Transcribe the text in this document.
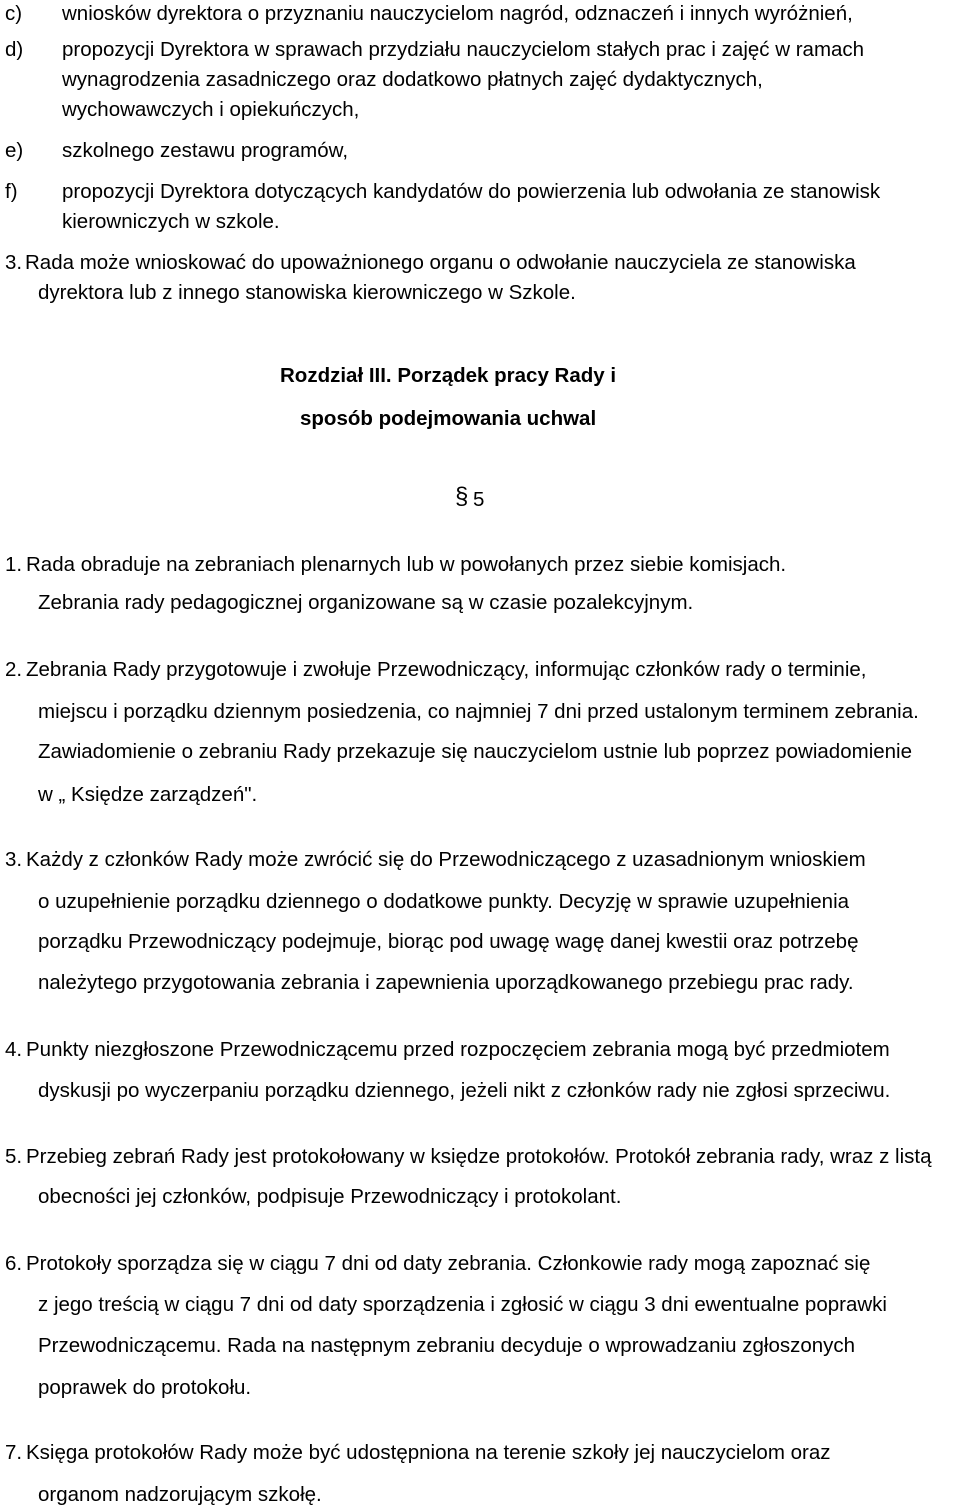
c) wniosków dyrektora o przyznaniu nauczycielom nagród, odznaczeń i innych wyróżnień,
d) propozycji Dyrektora w sprawach przydziału nauczycielom stałych prac i zajęć w ramach
wynagrodzenia zasadniczego oraz dodatkowo płatnych zajęć dydaktycznych,
wychowawczych i opiekuńczych,
e) szkolnego zestawu programów,
f) propozycji Dyrektora dotyczących kandydatów do powierzenia lub odwołania ze stanowisk
kierowniczych w szkole.
3. Rada może wnioskować do upoważnionego organu o odwołanie nauczyciela ze stanowiska
dyrektora lub z innego stanowiska kierowniczego w Szkole.
Rozdział III. Porządek pracy Rady i
sposób podejmowania uchwal
§ 5
1. Rada obraduje na zebraniach plenarnych lub w powołanych przez siebie komisjach.
Zebrania rady pedagogicznej organizowane są w czasie pozalekcyjnym.
2. Zebrania Rady przygotowuje i zwołuje Przewodniczący, informując członków rady o terminie,
miejscu i porządku dziennym posiedzenia, co najmniej 7 dni przed ustalonym terminem zebrania.
Zawiadomienie o zebraniu Rady przekazuje się nauczycielom ustnie lub poprzez powiadomienie
w „ Księdze zarządzeń".
3. Każdy z członków Rady może zwrócić się do Przewodniczącego z uzasadnionym wnioskiem
o uzupełnienie porządku dziennego o dodatkowe punkty. Decyzję w sprawie uzupełnienia
porządku Przewodniczący podejmuje, biorąc pod uwagę wagę danej kwestii oraz potrzebę
należytego przygotowania zebrania i zapewnienia uporządkowanego przebiegu prac rady.
4. Punkty niezgłoszone Przewodniczącemu przed rozpoczęciem zebrania mogą być przedmiotem
dyskusji po wyczerpaniu porządku dziennego, jeżeli nikt z członków rady nie zgłosi sprzeciwu.
5. Przebieg zebrań Rady jest protokołowany w księdze protokołów. Protokół zebrania rady, wraz z listą
obecności jej członków, podpisuje Przewodniczący i protokolant.
6. Protokoły sporządza się w ciągu 7 dni od daty zebrania. Członkowie rady mogą zapoznać się
z jego treścią w ciągu 7 dni od daty sporządzenia i zgłosić w ciągu 3 dni ewentualne poprawki
Przewodniczącemu. Rada na następnym zebraniu decyduje o wprowadzaniu zgłoszonych
poprawek do protokołu.
7. Księga protokołów Rady może być udostępniona na terenie szkoły jej nauczycielom oraz
organom nadzorującym szkołę.
